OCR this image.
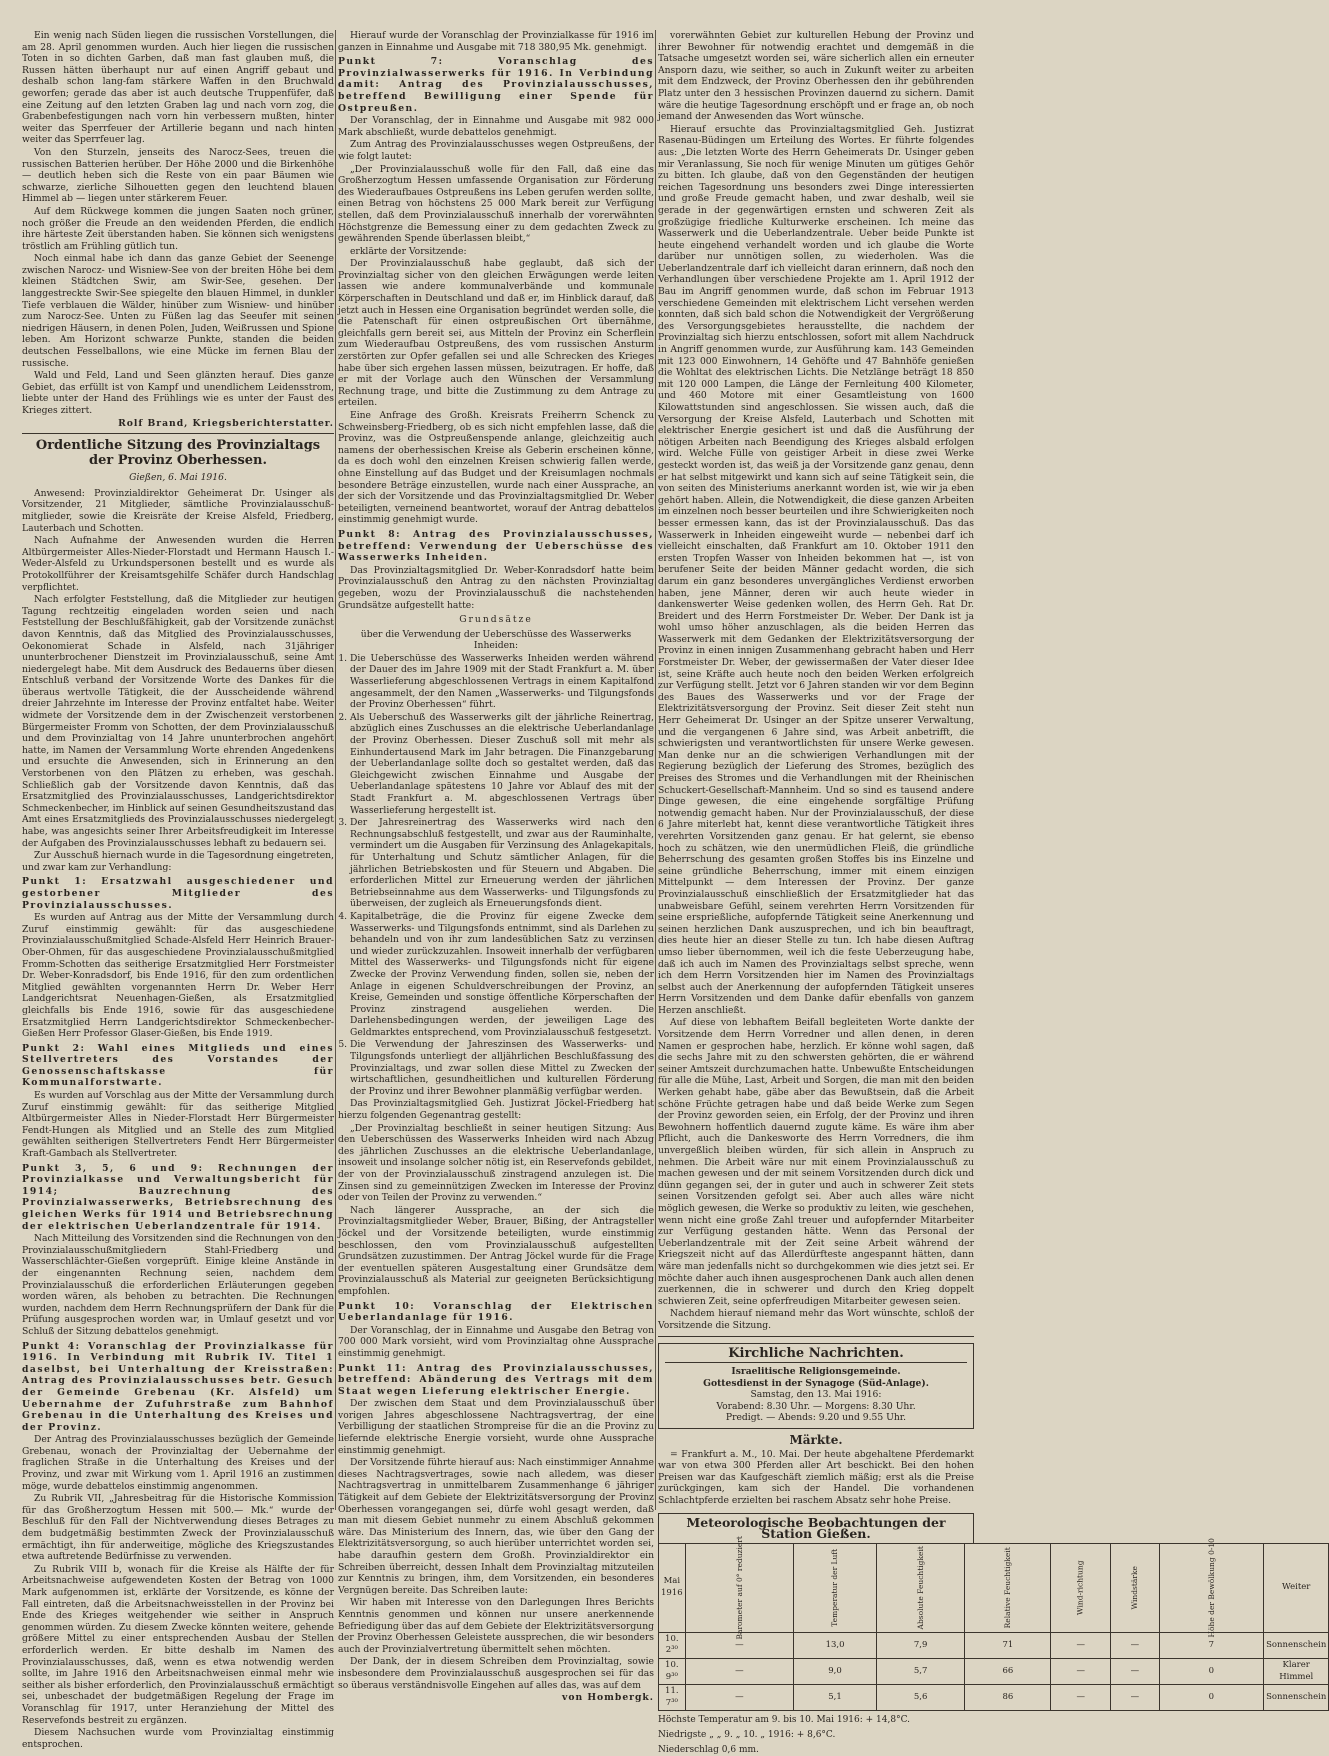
Ein wenig nach Süden liegen die russischen Vorstellungen, die am 28. April genommen wurden. Auch hier liegen die russischen Toten in so dichten Garben, daß man fast glauben muß, die Russen hätten überhaupt nur auf einen Angriff gebaut und deshalb schon lang-fam stärkere Waffen in den Bruchwald geworfen; gerade das aber ist auch deutsche Truppenfüfer, daß eine Zeitung auf den letzten Graben lag und nach vorn zog, die Grabenbefestigungen nach vorn hin verbessern mußten, hinter weiter das Sperrfeuer der Artillerie begann und nach hinten weiter das Sperrfeuer lag.

Von den Sturzeln, jenseits des Narocz-Sees, treuen die russischen Batterien herüber. Der Höhe 2000 und die Birkenhöhe — deutlich heben sich die Reste von ein paar Bäumen wie schwarze, zierliche Silhouetten gegen den leuchtend blauen Himmel ab — liegen unter stärkerem Feuer.

Auf dem Rückwege kommen die jungen Saaten noch grüner, noch größer die Freude an den weidenden Pferden, die endlich ihre härteste Zeit überstanden haben. Sie können sich wenigstens tröstlich am Frühling gütlich tun.

Noch einmal habe ich dann das ganze Gebiet der Seenenge zwischen Narocz- und Wisniew-See von der breiten Höhe bei dem kleinen Städtchen Swir, am Swir-See, gesehen. Der langgestreckte Swir-See spiegelte den blauen Himmel, in dunkler Tiefe verblauen die Wälder, hinüber zum Wisniew- und hinüber zum Narocz-See. Unten zu Füßen lag das Seeufer mit seinen niedrigen Häusern, in denen Polen, Juden, Weißrussen und Spione leben. Am Horizont schwarze Punkte, standen die beiden deutschen Fesselballons, wie eine Mücke im fernen Blau der russische.

Wald und Feld, Land und Seen glänzten herauf. Dies ganze Gebiet, das erfüllt ist von Kampf und unendlichem Leidensstrom, liebte unter der Hand des Frühlings wie es unter der Faust des Krieges zittert.

Rolf Brand, Kriegsberichterstatter.

Ordentliche Sitzung des Provinzialtags der Provinz Oberhessen.

Gießen, 6. Mai 1916.

Anwesend: Provinzialdirektor Geheimerat Dr. Usinger als Vorsitzender, 21 Mitglieder, sämtliche Provinzialausschuß-mitglieder, sowie die Kreisräte der Kreise Alsfeld, Friedberg, Lauterbach und Schotten.

Nach Aufnahme der Anwesenden wurden die Herren Altbürgermeister Alles-Nieder-Florstadt und Hermann Hausch I.-Weder-Alsfeld zu Urkundspersonen bestellt und es wurde als Protokollführer der Kreisamtsgehilfe Schäfer durch Handschlag verpflichtet.

Nach erfolgter Feststellung, daß die Mitglieder zur heutigen Tagung rechtzeitig eingeladen worden seien und nach Feststellung der Beschlußfähigkeit, gab der Vorsitzende zunächst davon Kenntnis, daß das Mitglied des Provinzialausschusses, Oekonomierat Schade in Alsfeld, nach 31jähriger ununterbrochener Dienstzeit im Provinzialausschuß, seine Amt niedergelegt habe. Mit dem Ausdruck des Bedauerns über diesen Entschluß verband der Vorsitzende Worte des Dankes für die überaus wertvolle Tätigkeit, die der Ausscheidende während dreier Jahrzehnte im Interesse der Provinz entfaltet habe. Weiter widmete der Vorsitzende dem in der Zwischenzeit verstorbenen Bürgermeister Fromm von Schotten, der dem Provinzialausschuß und dem Provinzialtag von 14 Jahre ununterbrochen angehört hatte, im Namen der Versammlung Worte ehrenden Angedenkens und ersuchte die Anwesenden, sich in Erinnerung an den Verstorbenen von den Plätzen zu erheben, was geschah. Schließlich gab der Vorsitzende davon Kenntnis, daß das Ersatzmitglied des Provinzialausschusses, Landgerichtsdirektor Schmeckenbecher, im Hinblick auf seinen Gesundheitszustand das Amt eines Ersatzmitglieds des Provinzialausschusses niedergelegt habe, was angesichts seiner Ihrer Arbeitsfreudigkeit im Interesse der Aufgaben des Provinzialausschusses lebhaft zu bedauern sei.

Zur Ausschuß hiernach wurde in die Tagesordnung eingetreten, und zwar kam zur Verhandlung:

Punkt 1: Ersatzwahl ausgeschiedener und gestorbener Mitglieder des Provinzialausschusses.

Es wurden auf Antrag aus der Mitte der Versammlung durch Zuruf einstimmig gewählt: für das ausgeschiedene Provinzialausschußmitglied Schade-Alsfeld Herr Heinrich Brauer-Ober-Ohmen, für das ausgeschiedene Provinzialausschußmitglied Fromm-Schotten das seitherige Ersatzmitglied Herr Forstmeister Dr. Weber-Konradsdorf, bis Ende 1916, für den zum ordentlichen Mitglied gewählten vorgenannten Herrn Dr. Weber Herr Landgerichtsrat Neuenhagen-Gießen, als Ersatzmitglied gleichfalls bis Ende 1916, sowie für das ausgeschiedene Ersatzmitglied Herrn Landgerichtsdirektor Schmeckenbecher-Gießen Herr Professor Glaser-Gießen, bis Ende 1919.

Punkt 2: Wahl eines Mitglieds und eines Stellvertreters des Vorstandes der Genossenschaftskasse für Kommunalforstwarte.

Es wurden auf Vorschlag aus der Mitte der Versammlung durch Zuruf einstimmig gewählt: für das seitherige Mitglied Altbürgermeister Alles in Nieder-Florstadt Herr Bürgermeister Fendt-Hungen als Mitglied und an Stelle des zum Mitglied gewählten seitherigen Stellvertreters Fendt Herr Bürgermeister Kraft-Gambach als Stellvertreter.

Punkt 3, 5, 6 und 9: Rechnungen der Provinzialkasse und Verwaltungsbericht für 1914; Bauzrechnung des Provinzialwasserwerks, Betriebsrechnung des gleichen Werks für 1914 und Betriebsrechnung der elektrischen Ueberlandzentrale für 1914.

Nach Mitteilung des Vorsitzenden sind die Rechnungen von den Provinzialausschußmitgliedern Stahl-Friedberg und Wasserschlächter-Gießen vorgeprüft. Einige kleine Anstände in der eingenannten Rechnung seien, nachdem dem Provinzialausschuß die erforderlichen Erläuterungen gegeben worden wären, als behoben zu betrachten. Die Rechnungen wurden, nachdem dem Herrn Rechnungsprüfern der Dank für die Prüfung ausgesprochen worden war, in Umlauf gesetzt und vor Schluß der Sitzung debattelos genehmigt.

Punkt 4: Voranschlag der Provinzialkasse für 1916. In Verbindung mit Rubrik IV. Titel 1 daselbst, bei Unterhaltung der Kreisstraßen: Antrag des Provinzialausschusses betr. Gesuch der Gemeinde Grebenau (Kr. Alsfeld) um Uebernahme der Zufuhrstraße zum Bahnhof Grebenau in die Unterhaltung des Kreises und der Provinz.

Der Antrag des Provinzialausschusses bezüglich der Gemeinde Grebenau, wonach der Provinzialtag der Uebernahme der fraglichen Straße in die Unterhaltung des Kreises und der Provinz, und zwar mit Wirkung vom 1. April 1916 an zustimmen möge, wurde debattelos einstimmig angenommen.

Zu Rubrik VII, „Jahresbeitrag für die Historische Kommission für das Großherzogtum Hessen mit 500.— Mk.“ wurde der Beschluß für den Fall der Nichtverwendung dieses Betrages zu dem budgetmäßig bestimmten Zweck der Provinzialausschuß ermächtigt, ihn für anderweitige, mögliche des Kriegszustandes etwa auftretende Bedürfnisse zu verwenden.

Zu Rubrik VIII b, wonach für die Kreise als Hälfte der für Arbeitsnachweise aufgewendeten Kosten der Betrag von 1000 Mark aufgenommen ist, erklärte der Vorsitzende, es könne der Fall eintreten, daß die Arbeitsnachweisstellen in der Provinz bei Ende des Krieges weitgehender wie seither in Anspruch genommen würden. Zu diesem Zwecke könnten weitere, gehende größere Mittel zu einer entsprechenden Ausbau der Stellen erforderlich werden. Er bitte deshalb im Namen des Provinzialausschusses, daß, wenn es etwa notwendig werden sollte, im Jahre 1916 den Arbeitsnachweisen einmal mehr wie seither als bisher erforderlich, den Provinzialausschuß ermächtigt sei, unbeschadet der budgetmäßigen Regelung der Frage im Voranschlag für 1917, unter Heranziehung der Mittel des Reservefonds bestreit zu ergänzen.

Diesem Nachsuchen wurde vom Provinzialtag einstimmig entsprochen.

Hierauf wurde der Voranschlag der Provinzialkasse für 1916 im ganzen in Einnahme und Ausgabe mit 718 380,95 Mk. genehmigt.

Punkt 7: Voranschlag des Provinzialwasserwerks für 1916. In Verbindung damit: Antrag des Provinzialausschusses, betreffend Bewilligung einer Spende für Ostpreußen.

Der Voranschlag, der in Einnahme und Ausgabe mit 982 000 Mark abschließt, wurde debattelos genehmigt.

Zum Antrag des Provinzialausschusses wegen Ostpreußens, der wie folgt lautet:

„Der Provinzialausschuß wolle für den Fall, daß eine das Großherzogtum Hessen umfassende Organisation zur Förderung des Wiederaufbaues Ostpreußens ins Leben gerufen werden sollte, einen Betrag von höchstens 25 000 Mark bereit zur Verfügung stellen, daß dem Provinzialausschuß innerhalb der vorerwähnten Höchstgrenze die Bemessung einer zu dem gedachten Zweck zu gewährenden Spende überlassen bleibt,“

erklärte der Vorsitzende:

Der Provinzialausschuß habe geglaubt, daß sich der Provinzialtag sicher von den gleichen Erwägungen werde leiten lassen wie andere kommunalverbände und kommunale Körperschaften in Deutschland und daß er, im Hinblick darauf, daß jetzt auch in Hessen eine Organisation begründet werden solle, die die Patenschaft für einen ostpreußischen Ort übernähme, gleichfalls gern bereit sei, aus Mitteln der Provinz ein Scherflein zum Wiederaufbau Ostpreußens, des vom russischen Ansturm zerstörten zur Opfer gefallen sei und alle Schrecken des Krieges habe über sich ergehen lassen müssen, beizutragen. Er hoffe, daß er mit der Vorlage auch den Wünschen der Versammlung Rechnung trage, und bitte die Zustimmung zu dem Antrage zu erteilen.

Eine Anfrage des Großh. Kreisrats Freiherrn Schenck zu Schweinsberg-Friedberg, ob es sich nicht empfehlen lasse, daß die Provinz, was die Ostpreußenspende anlange, gleichzeitig auch namens der oberhessischen Kreise als Geberin erscheinen könne, da es doch wohl den einzelnen Kreisen schwierig fallen werde, ohne Einstellung auf das Budget und der Kreisumlagen nochmals besondere Beträge einzustellen, wurde nach einer Aussprache, an der sich der Vorsitzende und das Provinzialtagsmitglied Dr. Weber beteiligten, verneinend beantwortet, worauf der Antrag debattelos einstimmig genehmigt wurde.

Punkt 8: Antrag des Provinzialausschusses, betreffend: Verwendung der Ueberschüsse des Wasserwerks Inheiden.

Das Provinzialtagsmitglied Dr. Weber-Konradsdorf hatte beim Provinzialausschuß den Antrag zu den nächsten Provinzialtag gegeben, wozu der Provinzialausschuß die nachstehenden Grundsätze aufgestellt hatte:

Grundsätze

über die Verwendung der Ueberschüsse des Wasserwerks Inheiden:

1. Die Ueberschüsse des Wasserwerks Inheiden werden während der Dauer des im Jahre 1909 mit der Stadt Frankfurt a. M. über Wasserlieferung abgeschlossenen Vertrags in einem Kapitalfond angesammelt, der den Namen „Wasserwerks- und Tilgungsfonds der Provinz Oberhessen“ führt.
2. Als Ueberschuß des Wasserwerks gilt der jährliche Reinertrag, abzüglich eines Zuschusses an die elektrische Ueberlandanlage der Provinz Oberhessen. Dieser Zuschuß soll mit mehr als Einhundertausend Mark im Jahr betragen. Die Finanzgebarung der Ueberlandanlage sollte doch so gestaltet werden, daß das Gleichgewicht zwischen Einnahme und Ausgabe der Ueberlandanlage spätestens 10 Jahre vor Ablauf des mit der Stadt Frankfurt a. M. abgeschlossenen Vertrags über Wasserlieferung hergestellt ist.
3. Der Jahresreinertrag des Wasserwerks wird nach den Rechnungsabschluß festgestellt, und zwar aus der Rauminhalte, vermindert um die Ausgaben für Verzinsung des Anlagekapitals, für Unterhaltung und Schutz sämtlicher Anlagen, für die jährlichen Betriebskosten und für Steuern und Abgaben. Die erforderlichen Mittel zur Erneuerung werden der jährlichen Betriebseinnahme aus dem Wasserwerks- und Tilgungsfonds zu überweisen, der zugleich als Erneuerungsfonds dient.
4. Kapitalbeträge, die die Provinz für eigene Zwecke dem Wasserwerks- und Tilgungsfonds entnimmt, sind als Darlehen zu behandeln und von ihr zum landesüblichen Satz zu verzinsen und wieder zurückzuzahlen. Insoweit innerhalb der verfügbaren Mittel des Wasserwerks- und Tilgungsfonds nicht für eigene Zwecke der Provinz Verwendung finden, sollen sie, neben der Anlage in eigenen Schuldverschreibungen der Provinz, an Kreise, Gemeinden und sonstige öffentliche Körperschaften der Provinz zinstragend ausgeliehen werden. Die Darlehensbedingungen werden, der jeweiligen Lage des Geldmarktes entsprechend, vom Provinzialausschuß festgesetzt.
5. Die Verwendung der Jahreszinsen des Wasserwerks- und Tilgungsfonds unterliegt der alljährlichen Beschlußfassung des Provinzialtags, und zwar sollen diese Mittel zu Zwecken der wirtschaftlichen, gesundheitlichen und kulturellen Förderung der Provinz und ihrer Bewohner planmäßig verfügbar werden.

Das Provinzialtagsmitglied Geh. Justizrat Jöckel-Friedberg hat hierzu folgenden Gegenantrag gestellt:

„Der Provinzialtag beschließt in seiner heutigen Sitzung: Aus den Ueberschüssen des Wasserwerks Inheiden wird nach Abzug des jährlichen Zuschusses an die elektrische Ueberlandanlage, insoweit und insolange solcher nötig ist, ein Reservefonds gebildet, der von der Provinzialausschuß zinstragend anzulegen ist. Die Zinsen sind zu gemeinnützigen Zwecken im Interesse der Provinz oder von Teilen der Provinz zu verwenden.“

Nach längerer Aussprache, an der sich die Provinzialtagsmitglieder Weber, Brauer, Bißing, der Antragsteller Jöckel und der Vorsitzende beteiligten, wurde einstimmig beschlossen, den vom Provinzialausschuß aufgestellten Grundsätzen zuzustimmen. Der Antrag Jöckel wurde für die Frage der eventuellen späteren Ausgestaltung einer Grundsätze dem Provinzialausschuß als Material zur geeigneten Berücksichtigung empfohlen.

Punkt 10: Voranschlag der Elektrischen Ueberlandanlage für 1916.

Der Voranschlag, der in Einnahme und Ausgabe den Betrag von 700 000 Mark vorsieht, wird vom Provinzialtag ohne Aussprache einstimmig genehmigt.

Punkt 11: Antrag des Provinzialausschusses, betreffend: Abänderung des Vertrags mit dem Staat wegen Lieferung elektrischer Energie.

Der zwischen dem Staat und dem Provinzialausschuß über vorigen Jahres abgeschlossene Nachtragsvertrag, der eine Verbilligung der staatlichen Strompreise für die an die Provinz zu liefernde elektrische Energie vorsieht, wurde ohne Aussprache einstimmig genehmigt.

Der Vorsitzende führte hierauf aus: Nach einstimmiger Annahme dieses Nachtragsvertrages, sowie nach alledem, was dieser Nachtragsvertrag in unmittelbarem Zusammenhange 6 jähriger Tätigkeit auf dem Gebiete der Elektrizitätsversorgung der Provinz Oberhessen vorangegangen sei, dürfe wohl gesagt werden, daß man mit diesem Gebiet nunmehr zu einem Abschluß gekommen wäre. Das Ministerium des Innern, das, wie über den Gang der Elektrizitätsversorgung, so auch hierüber unterrichtet worden sei, habe daraufhin gestern dem Großh. Provinzialdirektor ein Schreiben überreicht, dessen Inhalt dem Provinzialtag mitzuteilen zur Kenntnis zu bringen, ihm, dem Vorsitzenden, ein besonderes Vergnügen bereite. Das Schreiben laute:

Wir haben mit Interesse von den Darlegungen Ihres Berichts Kenntnis genommen und können nur unsere anerkennende Befriedigung über das auf dem Gebiete der Elektrizitätsversorgung der Provinz Oberhessen Geleistete aussprechen, die wir besonders auch der Provinzialvertretung übermittelt sehen möchten.

Der Dank, der in diesem Schreiben dem Provinzialtag, sowie insbesondere dem Provinzialausschuß ausgesprochen sei für das so überaus verständnisvolle Eingehen auf alles das, was auf dem

von Hombergk.

vorerwähnten Gebiet zur kulturellen Hebung der Provinz und ihrer Bewohner für notwendig erachtet und demgemäß in die Tatsache umgesetzt worden sei, wäre sicherlich allen ein erneuter Ansporn dazu, wie seither, so auch in Zukunft weiter zu arbeiten mit dem Endzweck, der Provinz Oberhessen den ihr gebührenden Platz unter den 3 hessischen Provinzen dauernd zu sichern. Damit wäre die heutige Tagesordnung erschöpft und er frage an, ob noch jemand der Anwesenden das Wort wünsche.

Hierauf ersuchte das Provinzialtagsmitglied Geh. Justizrat Rasenau-Büdingen um Erteilung des Wortes. Er führte folgendes aus: „Die letzten Worte des Herrn Geheimerats Dr. Usinger geben mir Veranlassung, Sie noch für wenige Minuten um gütiges Gehör zu bitten. Ich glaube, daß von den Gegenständen der heutigen reichen Tagesordnung uns besonders zwei Dinge interessierten und große Freude gemacht haben, und zwar deshalb, weil sie gerade in der gegenwärtigen ernsten und schweren Zeit als großzügige friedliche Kulturwerke erscheinen. Ich meine das Wasserwerk und die Ueberlandzentrale. Ueber beide Punkte ist heute eingehend verhandelt worden und ich glaube die Worte darüber nur unnötigen sollen, zu wiederholen. Was die Ueberlandzentrale darf ich vielleicht daran erinnern, daß noch den Verhandlungen über verschiedene Projekte am 1. April 1912 der Bau im Angriff genommen wurde, daß schon im Februar 1913 verschiedene Gemeinden mit elektrischem Licht versehen werden konnten, daß sich bald schon die Notwendigkeit der Vergrößerung des Versorgungsgebietes herausstellte, die nachdem der Provinzialtag sich hierzu entschlossen, sofort mit allem Nachdruck in Angriff genommen wurde, zur Ausführung kam. 143 Gemeinden mit 123 000 Einwohnern, 14 Gehöfte und 47 Bahnhöfe genießen die Wohltat des elektrischen Lichts. Die Netzlänge beträgt 18 850 mit 120 000 Lampen, die Länge der Fernleitung 400 Kilometer, und 460 Motore mit einer Gesamtleistung von 1600 Kilowattstunden sind angeschlossen. Sie wissen auch, daß die Versorgung der Kreise Alsfeld, Lauterbach und Schotten mit elektrischer Energie gesichert ist und daß die Ausführung der nötigen Arbeiten nach Beendigung des Krieges alsbald erfolgen wird. Welche Fülle von geistiger Arbeit in diese zwei Werke gesteckt worden ist, das weiß ja der Vorsitzende ganz genau, denn er hat selbst mitgewirkt und kann sich auf seine Tätigkeit sein, die von seiten des Ministeriums anerkannt worden ist, wie wir ja eben gehört haben. Allein, die Notwendigkeit, die diese ganzen Arbeiten im einzelnen noch besser beurteilen und ihre Schwierigkeiten noch besser ermessen kann, das ist der Provinzialausschuß. Das das Wasserwerk in Inheiden eingeweiht wurde — nebenbei darf ich vielleicht einschalten, daß Frankfurt am 10. Oktober 1911 den ersten Tropfen Wasser von Inheiden bekommen hat —, ist von berufener Seite der beiden Männer gedacht worden, die sich darum ein ganz besonderes unvergängliches Verdienst erworben haben, jene Männer, deren wir auch heute wieder in dankenswerter Weise gedenken wollen, des Herrn Geh. Rat Dr. Breidert und des Herrn Forstmeister Dr. Weber. Der Dank ist ja wohl umso höher anzuschlagen, als die beiden Herren das Wasserwerk mit dem Gedanken der Elektrizitätsversorgung der Provinz in einen innigen Zusammenhang gebracht haben und Herr Forstmeister Dr. Weber, der gewissermaßen der Vater dieser Idee ist, seine Kräfte auch heute noch den beiden Werken erfolgreich zur Verfügung stellt. Jetzt vor 6 Jahren standen wir vor dem Beginn des Baues des Wasserwerks und vor der Frage der Elektrizitätsversorgung der Provinz. Seit dieser Zeit steht nun Herr Geheimerat Dr. Usinger an der Spitze unserer Verwaltung, und die vergangenen 6 Jahre sind, was Arbeit anbetrifft, die schwierigsten und verantwortlichsten für unsere Werke gewesen. Man denke nur an die schwierigen Verhandlungen mit der Regierung bezüglich der Lieferung des Stromes, bezüglich des Preises des Stromes und die Verhandlungen mit der Rheinischen Schuckert-Gesellschaft-Mannheim. Und so sind es tausend andere Dinge gewesen, die eine eingehende sorgfältige Prüfung notwendig gemacht haben. Nur der Provinzialausschuß, der diese 6 Jahre miterlebt hat, kennt diese verantwortliche Tätigkeit ihres verehrten Vorsitzenden ganz genau. Er hat gelernt, sie ebenso hoch zu schätzen, wie den unermüdlichen Fleiß, die gründliche Beherrschung des gesamten großen Stoffes bis ins Einzelne und seine gründliche Beherrschung, immer mit einem einzigen Mittelpunkt — dem Interessen der Provinz. Der ganze Provinzialausschuß einschließlich der Ersatzmitglieder hat das unabweisbare Gefühl, seinem verehrten Herrn Vorsitzenden für seine ersprießliche, aufopfernde Tätigkeit seine Anerkennung und seinen herzlichen Dank auszusprechen, und ich bin beauftragt, dies heute hier an dieser Stelle zu tun. Ich habe diesen Auftrag umso lieber übernommen, weil ich die feste Ueberzeugung habe, daß ich auch im Namen des Provinzialtags selbst spreche, wenn ich dem Herrn Vorsitzenden hier im Namen des Provinzialtags selbst auch der Anerkennung der aufopfernden Tätigkeit unseres Herrn Vorsitzenden und dem Danke dafür ebenfalls von ganzem Herzen anschließt.

Auf diese von lebhaftem Beifall begleiteten Worte dankte der Vorsitzende dem Herrn Vorredner und allen denen, in deren Namen er gesprochen habe, herzlich. Er könne wohl sagen, daß die sechs Jahre mit zu den schwersten gehörten, die er während seiner Amtszeit durchzumachen hatte. Unbewußte Entscheidungen für alle die Mühe, Last, Arbeit und Sorgen, die man mit den beiden Werken gehabt habe, gäbe aber das Bewußtsein, daß die Arbeit schöne Früchte getragen habe und daß beide Werke zum Segen der Provinz geworden seien, ein Erfolg, der der Provinz und ihren Bewohnern hoffentlich dauernd zugute käme. Es wäre ihm aber Pflicht, auch die Dankesworte des Herrn Vorredners, die ihm unvergeßlich bleiben würden, für sich allein in Anspruch zu nehmen. Die Arbeit wäre nur mit einem Provinzialausschuß zu machen gewesen und der mit seinem Vorsitzenden durch dick und dünn gegangen sei, der in guter und auch in schwerer Zeit stets seinen Vorsitzenden gefolgt sei. Aber auch alles wäre nicht möglich gewesen, die Werke so produktiv zu leiten, wie geschehen, wenn nicht eine große Zahl treuer und aufopfernder Mitarbeiter zur Verfügung gestanden hätte. Wenn das Personal der Ueberlandzentrale mit der Zeit seine Arbeit während der Kriegszeit nicht auf das Allerdürfteste angespannt hätten, dann wäre man jedenfalls nicht so durchgekommen wie dies jetzt sei. Er möchte daher auch ihnen ausgesprochenen Dank auch allen denen zuerkennen, die in schwerer und durch den Krieg doppelt schwieren Zeit, seine opferfreudigen Mitarbeiter gewesen seien.

Nachdem hierauf niemand mehr das Wort wünschte, schloß der Vorsitzende die Sitzung.

Kirchliche Nachrichten.
Israelitische Religionsgemeinde.
Gottesdienst in der Synagoge (Süd-Anlage).
Samstag, den 13. Mai 1916:
Vorabend: 8.30 Uhr. — Morgens: 8.30 Uhr.
Predigt. — Abends: 9.20 und 9.55 Uhr.
Märkte.

= Frankfurt a. M., 10. Mai. Der heute abgehaltene Pferdemarkt war von etwa 300 Pferden aller Art beschickt. Bei den hohen Preisen war das Kaufgeschäft ziemlich mäßig; erst als die Preise zurückgingen, kam sich der Handel. Die vorhandenen Schlachtpferde erzielten bei raschem Absatz sehr hohe Preise.

Meteorologische Beobachtungen der Station Gießen.
Mai 1916	Barometer auf 0° reduziert	Temperatur der Luft	Absolute Feuchtigkeit	Relative Feuchtigkeit	Wind-richtung	Windstärke	Höhe der Bewölkung 0-10	Weiter
10. 2³⁰	—	13,0	7,9	71	—	—	7	Sonnenschein
10. 9³⁰	—	9,0	5,7	66	—	—	0	Klarer Himmel
11. 7³⁰	—	5,1	5,6	86	—	—	0	Sonnenschein

Höchste Temperatur am 9. bis 10. Mai 1916: + 14,8°C.

Niedrigste „ „ 9. „ 10. „ 1916: + 8,6°C.

Niederschlag 0,6 mm.
